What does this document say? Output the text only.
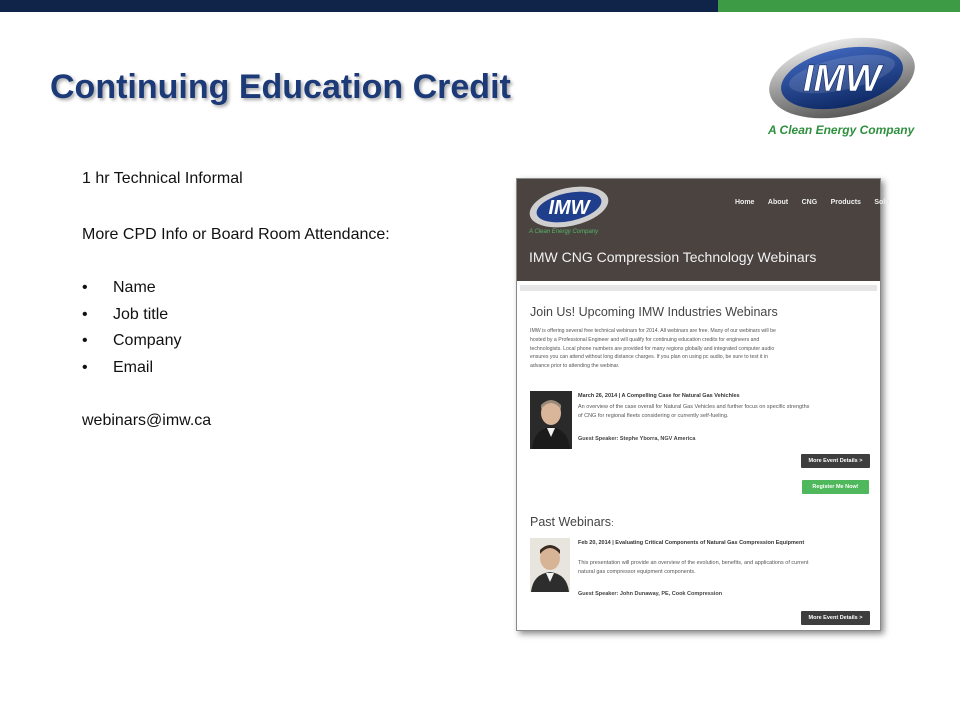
Continuing Education Credit	IMW
A Clean Energy Company

1 hr Technical Informal

More CPD Info or Board Room Attendance:

• Name
• Job title
• Company
• Email

webinars@imw.ca

IMW
A Clean Energy Company
Home About CNG Products Solu
IMW CNG Compression Technology Webinars
Join Us! Upcoming IMW Industries Webinars
IMW is offering several free technical webinars for 2014. All webinars are free. Many of our webinars will be
hosted by a Professional Engineer and will qualify for continuing education credits for engineers and
technologists. Local phone numbers are provided for many regions globally and integrated computer audio
ensures you can attend without long distance charges. If you plan on using pc audio, be sure to test it in
advance prior to attending the webinar.
March 26, 2014 | A Compelling Case for Natural Gas Vehichles
An overview of the case overall for Natural Gas Vehicles and further focus on specific strengths
of CNG for regional fleets considering or currently self-fueling.
Guest Speaker: Stephe Yborra, NGV America
More Event Details >
Register Me Now!
Past Webinars:
Feb 20, 2014 | Evaluating Critical Components of Natural Gas Compression Equipment
This presentation will provide an overview of the evolution, benefits, and applications of current
natural gas compressor equipment components.
Guest Speaker: John Dunaway, PE, Cook Compression
More Event Details >
